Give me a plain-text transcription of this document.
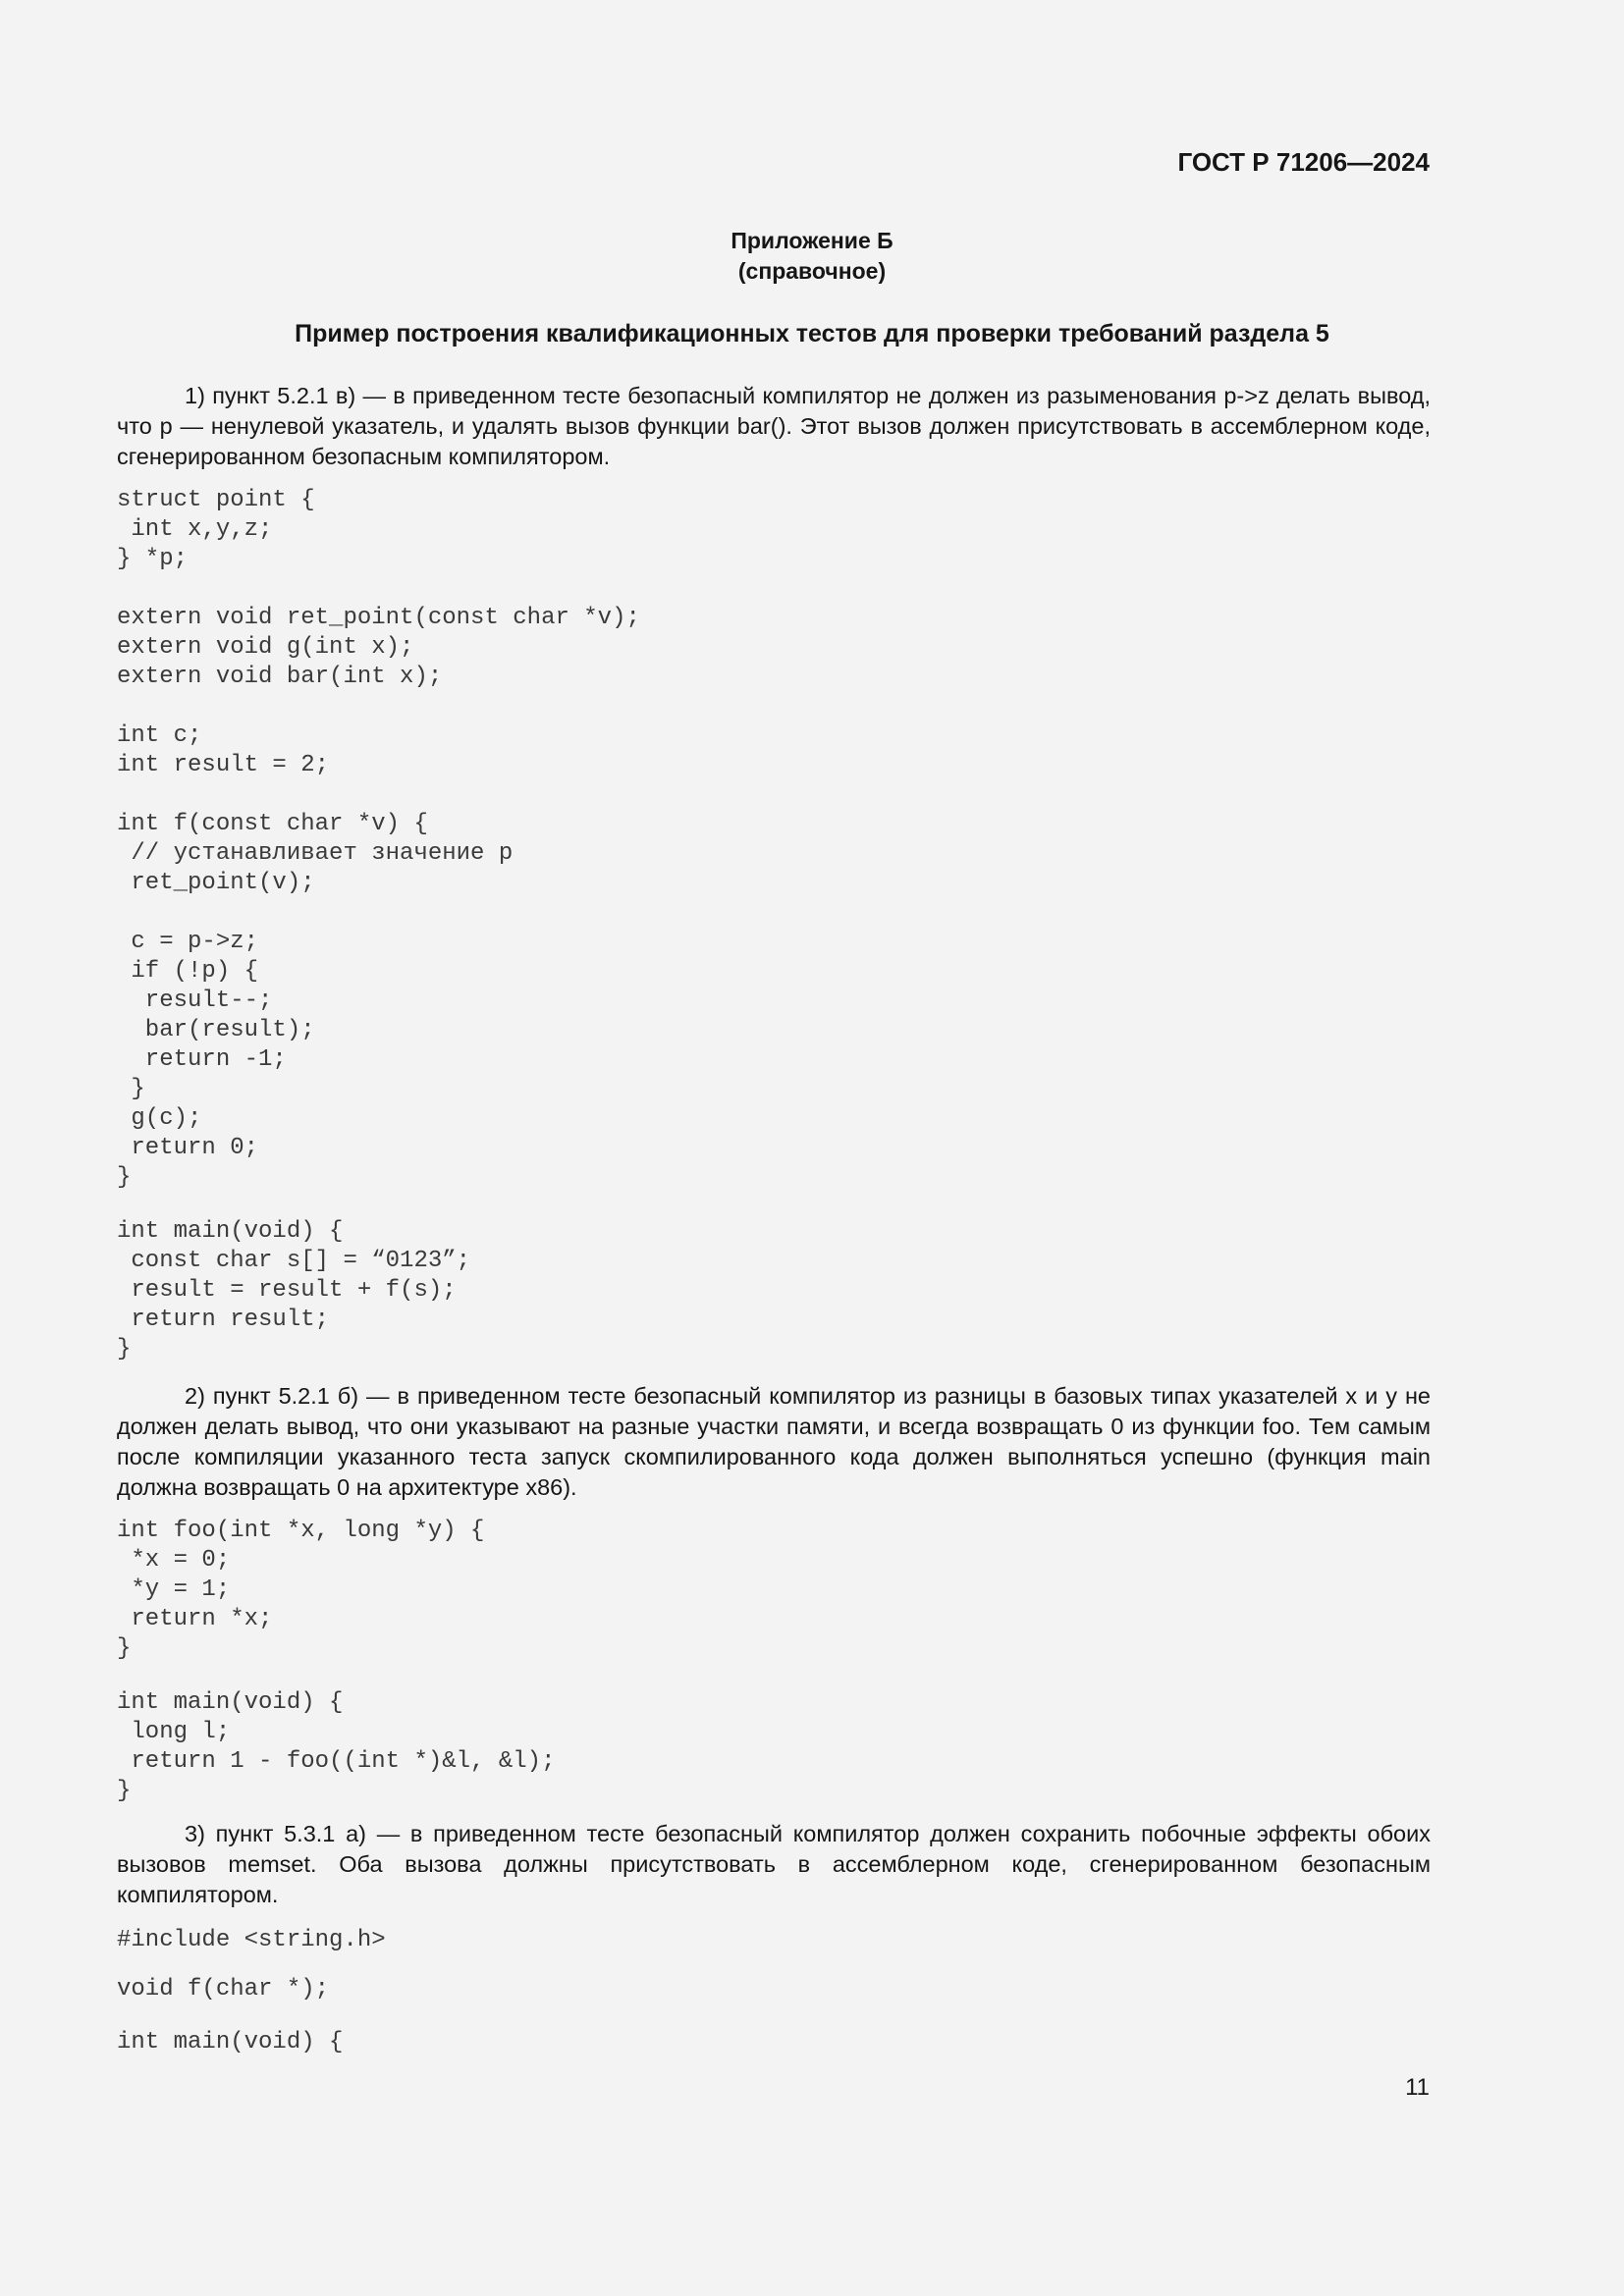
ГОСТ Р 71206—2024
Приложение Б
(справочное)
Пример построения квалификационных тестов для проверки требований раздела 5

1) пункт 5.2.1 в) — в приведенном тесте безопасный компилятор не должен из разыменования p->z делать вывод, что p — ненулевой указатель, и удалять вызов функции bar(). Этот вызов должен присутствовать в ассемблерном коде, сгенерированном безопасным компилятором.

struct point {
int x,y,z;
} *p;

extern void ret_point(const char *v);
extern void g(int x);
extern void bar(int x);

int c;
int result = 2;

int f(const char *v) {
// устанавливает значение p
ret_point(v);

c = p->z;
if (!p) {
result--;
bar(result);
return -1;
}
g(c);
return 0;
}
int main(void) {
const char s[] = “0123”;
result = result + f(s);
return result;
}

2) пункт 5.2.1 б) — в приведенном тесте безопасный компилятор из разницы в базовых типах указателей x и y не должен делать вывод, что они указывают на разные участки памяти, и всегда возвращать 0 из функции foo. Тем самым после компиляции указанного теста запуск скомпилированного кода должен выполняться успешно (функция main должна возвращать 0 на архитектуре x86).

int foo(int *x, long *y) {
*x = 0;
*y = 1;
return *x;
}
int main(void) {
long l;
return 1 - foo((int *)&l, &l);
}

3) пункт 5.3.1 а) — в приведенном тесте безопасный компилятор должен сохранить побочные эффекты обоих вызовов memset. Оба вызова должны присутствовать в ассемблерном коде, сгенерированном безопасным компилятором.

#include <string.h>
void f(char *);
int main(void) {
11
